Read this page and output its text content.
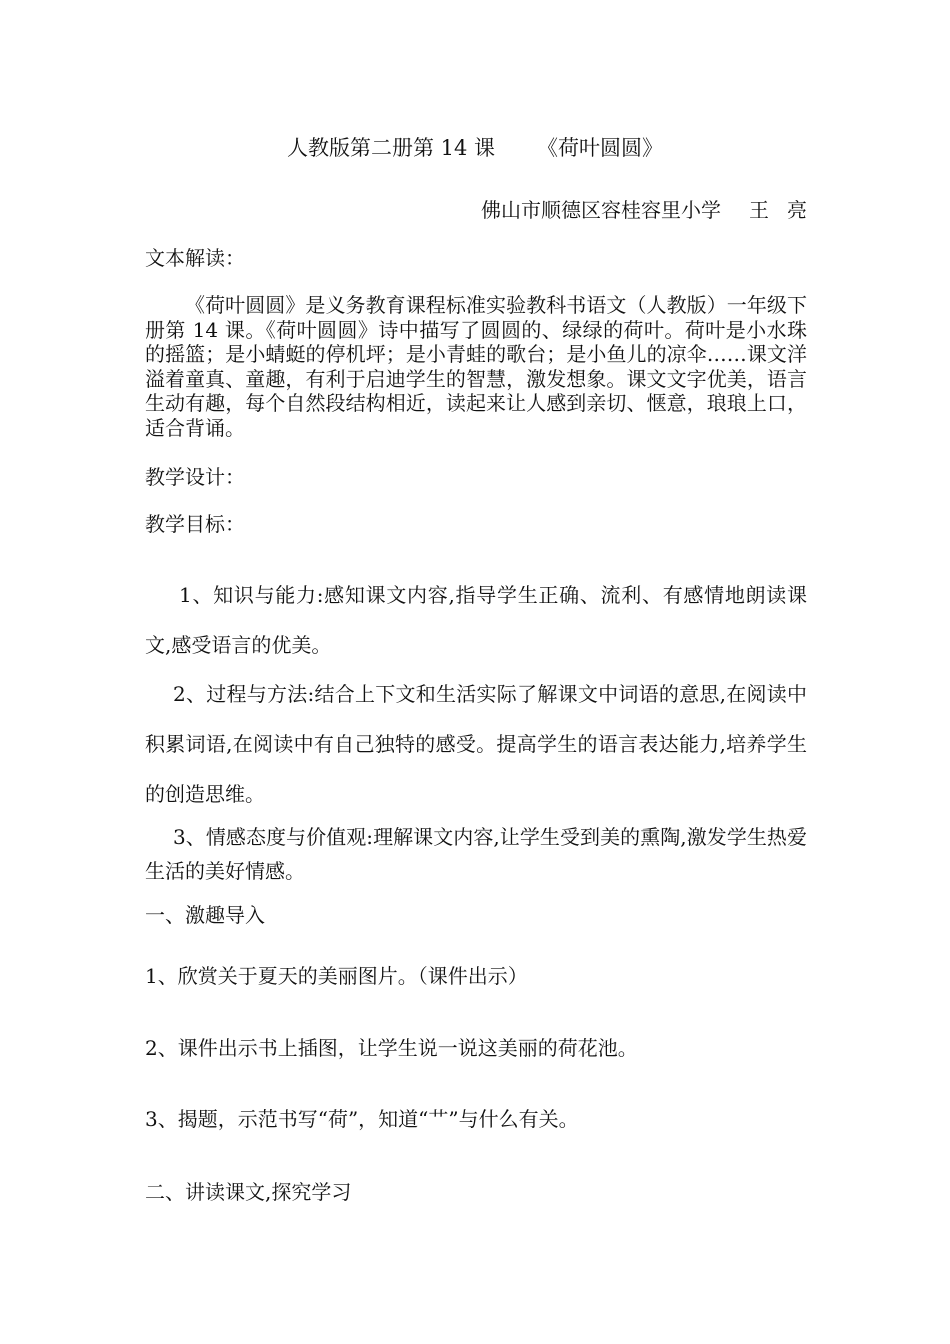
人教版第二册第 14 课 《荷叶圆圆》
佛山市顺德区容桂容里小学 王 亮
文本解读：
《荷叶圆圆》是义务教育课程标准实验教科书语文（人教版）一年级下册第 14 课。《荷叶圆圆》诗中描写了圆圆的、绿绿的荷叶。荷叶是小水珠的摇篮；是小蜻蜓的停机坪；是小青蛙的歌台；是小鱼儿的凉伞……课文洋溢着童真、童趣，有利于启迪学生的智慧，激发想象。课文文字优美，语言生动有趣，每个自然段结构相近，读起来让人感到亲切、惬意，琅琅上口，适合背诵。
教学设计：
教学目标：
1、知识与能力:感知课文内容,指导学生正确、流利、有感情地朗读课文,感受语言的优美。
2、过程与方法:结合上下文和生活实际了解课文中词语的意思,在阅读中积累词语,在阅读中有自己独特的感受。提高学生的语言表达能力,培养学生的创造思维。
3、情感态度与价值观:理解课文内容,让学生受到美的熏陶,激发学生热爱生活的美好情感。
一、激趣导入
1、欣赏关于夏天的美丽图片。（课件出示）
2、课件出示书上插图，让学生说一说这美丽的荷花池。
3、揭题，示范书写“荷”，知道“艹”与什么有关。
二、讲读课文,探究学习
